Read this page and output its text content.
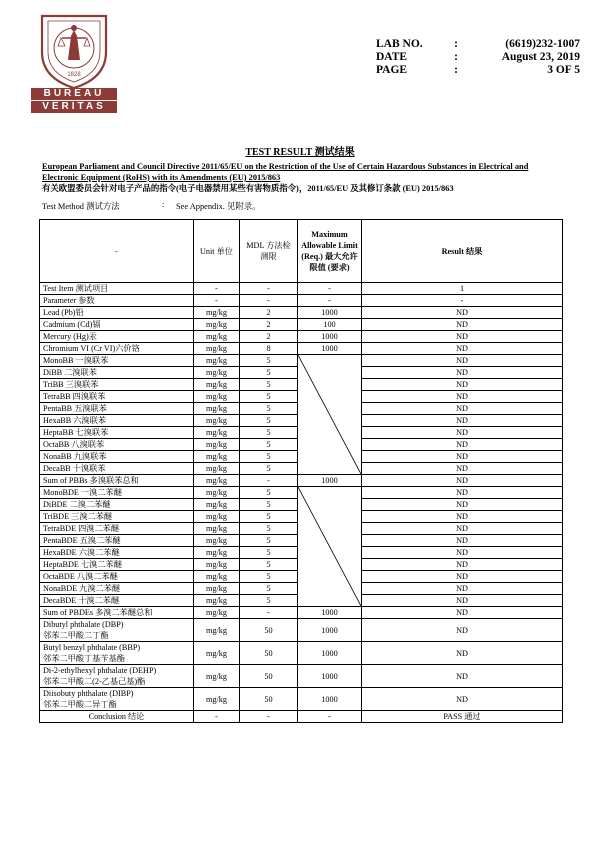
1828
BUREAU
VERITAS
LAB NO.	:	(6619)232-1007
DATE	:	August 23, 2019
PAGE	:	3 OF 5
TEST RESULT 测试结果
European Parliament and Council Directive 2011/65/EU on the Restriction of the Use of Certain Hazardous Substances in Electrical and Electronic Equipment (RoHS) with its Amendments (EU) 2015/863
有关欧盟委员会针对电子产品的指令(电子电器禁用某些有害物质指令)，2011/65/EU 及其修订条款 (EU) 2015/863
Test Method 测试方法	:	See Appendix. 见附录。
-	Unit 单位	MDL 方法检测限	Maximum Allowable Limit (Req.) 最大允许限值 (要求)	Result 结果
Test Item 测试项目	-	-	-	1
Parameter 参数	-	-	-	-
Lead (Pb)铅	mg/kg	2	1000	ND
Cadmium (Cd)镉	mg/kg	2	100	ND
Mercury (Hg)汞	mg/kg	2	1000	ND
Chromium VI (Cr VI)六价铬	mg/kg	8	1000	ND
MonoBB 一溴联苯	mg/kg	5		ND
DiBB 二溴联苯	mg/kg	5		ND
TriBB 三溴联苯	mg/kg	5		ND
TetraBB 四溴联苯	mg/kg	5		ND
PentaBB 五溴联苯	mg/kg	5		ND
HexaBB 六溴联苯	mg/kg	5		ND
HeptaBB 七溴联苯	mg/kg	5		ND
OctaBB 八溴联苯	mg/kg	5		ND
NonaBB 九溴联苯	mg/kg	5		ND
DecaBB 十溴联苯	mg/kg	5		ND
Sum of PBBs 多溴联苯总和	mg/kg	-	1000	ND
MonoBDE 一溴二苯醚	mg/kg	5		ND
DiBDE 二溴二苯醚	mg/kg	5		ND
TriBDE 三溴二苯醚	mg/kg	5		ND
TetraBDE 四溴二苯醚	mg/kg	5		ND
PentaBDE 五溴二苯醚	mg/kg	5		ND
HexaBDE 六溴二苯醚	mg/kg	5		ND
HeptaBDE 七溴二苯醚	mg/kg	5		ND
OctaBDE 八溴二苯醚	mg/kg	5		ND
NonaBDE 九溴二苯醚	mg/kg	5		ND
DecaBDE 十溴二苯醚	mg/kg	5		ND
Sum of PBDEs 多溴二苯醚总和	mg/kg	-	1000	ND
Dibutyl phthalate (DBP)
邻苯二甲酸二丁酯	mg/kg	50	1000	ND
Butyl benzyl phthalate (BBP)
邻苯二甲酸丁基苄基酯	mg/kg	50	1000	ND
Di-2-ethylhexyl phthalate (DEHP)
邻苯二甲酸二(2-乙基己基)酯	mg/kg	50	1000	ND
Diisobuty phthalate (DIBP)
邻苯二甲酸二异丁酯	mg/kg	50	1000	ND
Conclusion 结论	-	-	-	PASS 通过
